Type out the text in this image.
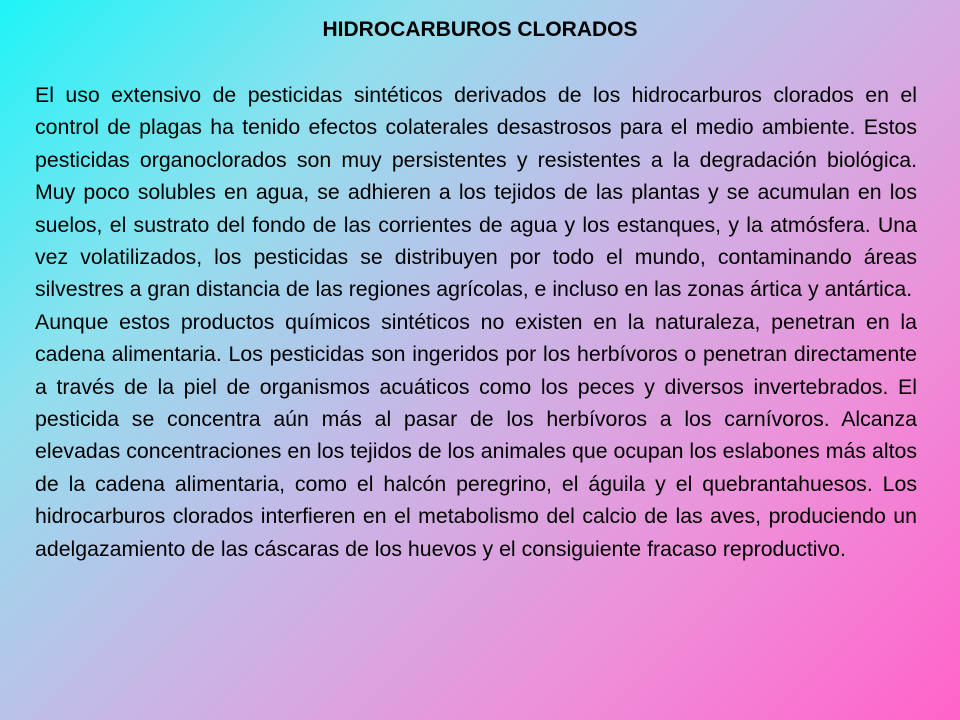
HIDROCARBUROS CLORADOS

El uso extensivo de pesticidas sintéticos derivados de los hidrocarburos clorados en el control de plagas ha tenido efectos colaterales desastrosos para el medio ambiente. Estos pesticidas organoclorados son muy persistentes y resistentes a la degradación biológica. Muy poco solubles en agua, se adhieren a los tejidos de las plantas y se acumulan en los suelos, el sustrato del fondo de las corrientes de agua y los estanques, y la atmósfera. Una vez volatilizados, los pesticidas se distribuyen por todo el mundo, contaminando áreas silvestres a gran distancia de las regiones agrícolas, e incluso en las zonas ártica y antártica.

Aunque estos productos químicos sintéticos no existen en la naturaleza, penetran en la cadena alimentaria. Los pesticidas son ingeridos por los herbívoros o penetran directamente a través de la piel de organismos acuáticos como los peces y diversos invertebrados. El pesticida se concentra aún más al pasar de los herbívoros a los carnívoros. Alcanza elevadas concentraciones en los tejidos de los animales que ocupan los eslabones más altos de la cadena alimentaria, como el halcón peregrino, el águila y el quebrantahuesos. Los hidrocarburos clorados interfieren en el metabolismo del calcio de las aves, produciendo un adelgazamiento de las cáscaras de los huevos y el consiguiente fracaso reproductivo.
